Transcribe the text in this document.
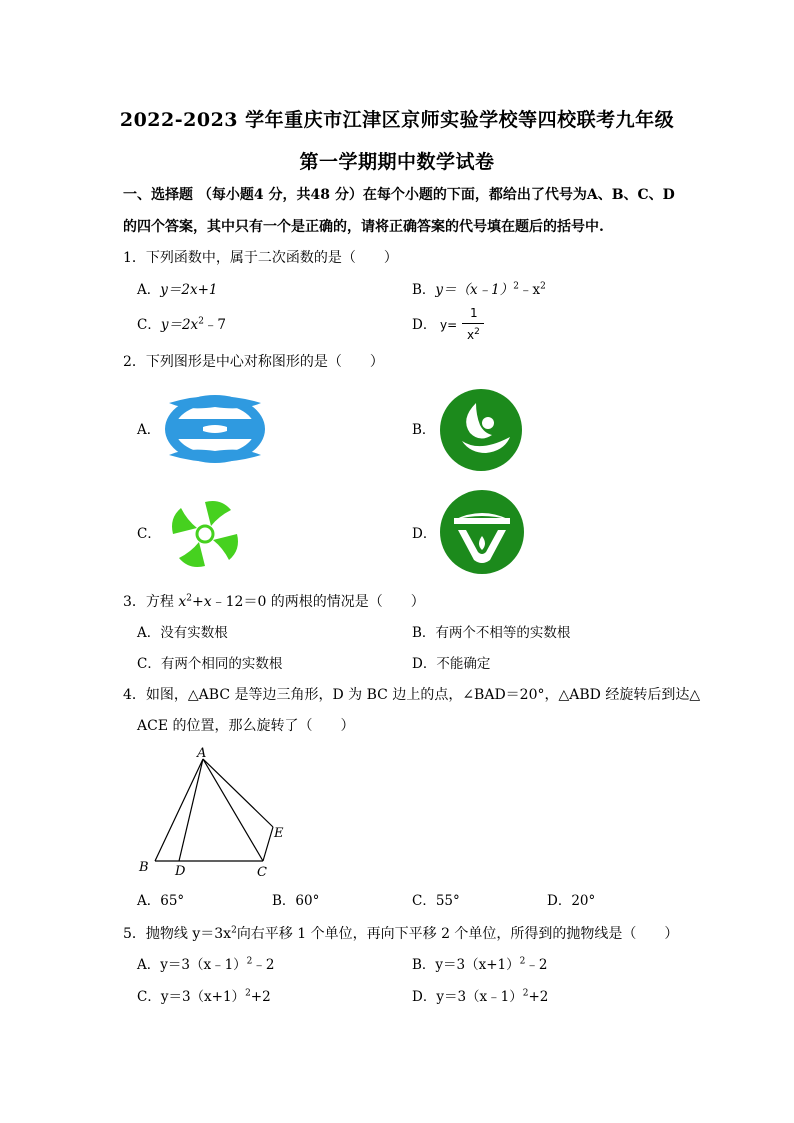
2022-2023 学年重庆市江津区京师实验学校等四校联考九年级
第一学期期中数学试卷
一、选择题 （每小题4 分，共48 分）在每个小题的下面，都给出了代号为A、B、C、D
的四个答案，其中只有一个是正确的，请将正确答案的代号填在题后的括号中.
1．下列函数中，属于二次函数的是（　　）
A．y＝2x+1	B．$y=(x﹣1)^2﹣x^2$
C．$y=2x^2﹣7$	D． y=
1
$x^2$
2．下列图形是中心对称图形的是（　　）
A．	B．
C．	D．
3．方程 $x^2+x﹣12=0$ 的两根的情况是（　　）
A．没有实数根	B．有两个不相等的实数根
C．有两个相同的实数根	D．不能确定
4．如图，△ABC 是等边三角形，D 为 BC 边上的点，∠BAD＝20°，△ABD 经旋转后到达△
ACE 的位置，那么旋转了（　　）
A
B D	C
E
A．65°	B．60°	C．55°	D．20°
5．抛物线 $y=3x^2$向右平移 1 个单位，再向下平移 2 个单位，所得到的抛物线是（　　）
A．y＝3（x﹣1）$^2$﹣2	B．$y=3(x+1)^2﹣2$
C．$y=3(x+1)^2+2$	D．y＝3（x﹣1）$^2$+2
